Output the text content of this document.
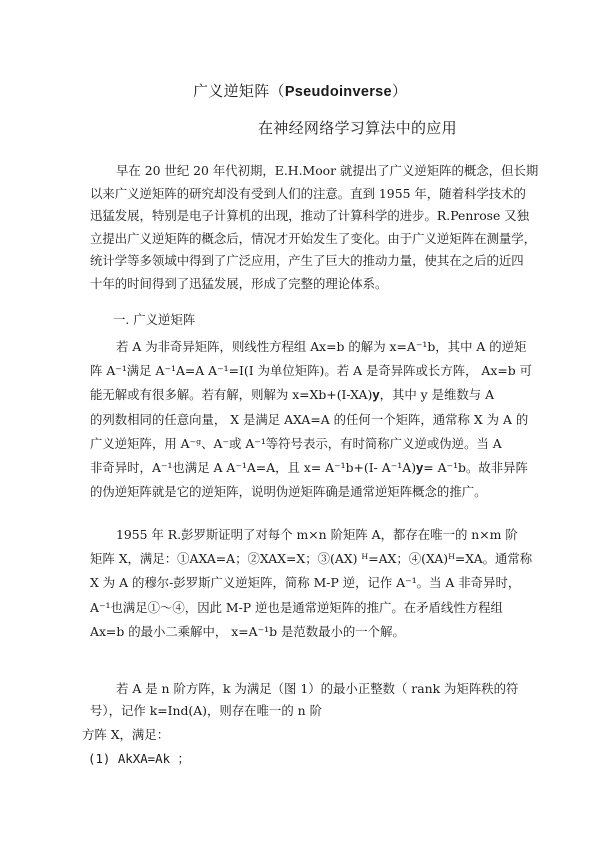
广义逆矩阵（Pseudoinverse）
在神经网络学习算法中的应用
早在 20 世纪 20 年代初期，E.H.Moor 就提出了广义逆矩阵的概念，但长期
以来广义逆矩阵的研究却没有受到人们的注意。直到 1955 年，随着科学技术的
迅猛发展，特别是电子计算机的出现，推动了计算科学的进步。R.Penrose 又独
立提出广义逆矩阵的概念后，情况才开始发生了变化。由于广义逆矩阵在测量学，
统计学等多领域中得到了广泛应用，产生了巨大的推动力量，使其在之后的近四
十年的时间得到了迅猛发展，形成了完整的理论体系。
一. 广义逆矩阵
若 A 为非奇异矩阵，则线性方程组 Ax=b 的解为 x=A⁻¹b，其中 A 的逆矩
阵 A⁻¹满足 A⁻¹A=A A⁻¹=I(I 为单位矩阵)。若 A 是奇异阵或长方阵， Ax=b 可
能无解或有很多解。若有解，则解为 x=Xb+(I-XA)y，其中 y 是维数与 A
的列数相同的任意向量， X 是满足 AXA=A 的任何一个矩阵，通常称 X 为 A 的
广义逆矩阵，用 A⁻ᵍ、A⁻或 A⁻¹等符号表示，有时简称广义逆或伪逆。当 A
非奇异时，A⁻¹也满足 A A⁻¹A=A，且 x= A⁻¹b+(I- A⁻¹A)y= A⁻¹b。故非异阵
的伪逆矩阵就是它的逆矩阵，说明伪逆矩阵确是通常逆矩阵概念的推广。
1955 年 R.彭罗斯证明了对每个 m×n 阶矩阵 A，都存在唯一的 n×m 阶
矩阵 X，满足：①AXA=A；②XAX=X；③(AX) ᴴ=AX；④(XA)ᴴ=XA。通常称
X 为 A 的穆尔-彭罗斯广义逆矩阵，简称 M-P 逆，记作 A⁻¹。当 A 非奇异时，
A⁻¹也满足①～④，因此 M-P 逆也是通常逆矩阵的推广。在矛盾线性方程组
Ax=b 的最小二乘解中， x=A⁻¹b 是范数最小的一个解。
若 A 是 n 阶方阵，k 为满足（图 1）的最小正整数（ rank 为矩阵秩的符
号），记作 k=Ind(A)，则存在唯一的 n 阶
方阵 X，满足：
(1) AkXA=Ak ；
